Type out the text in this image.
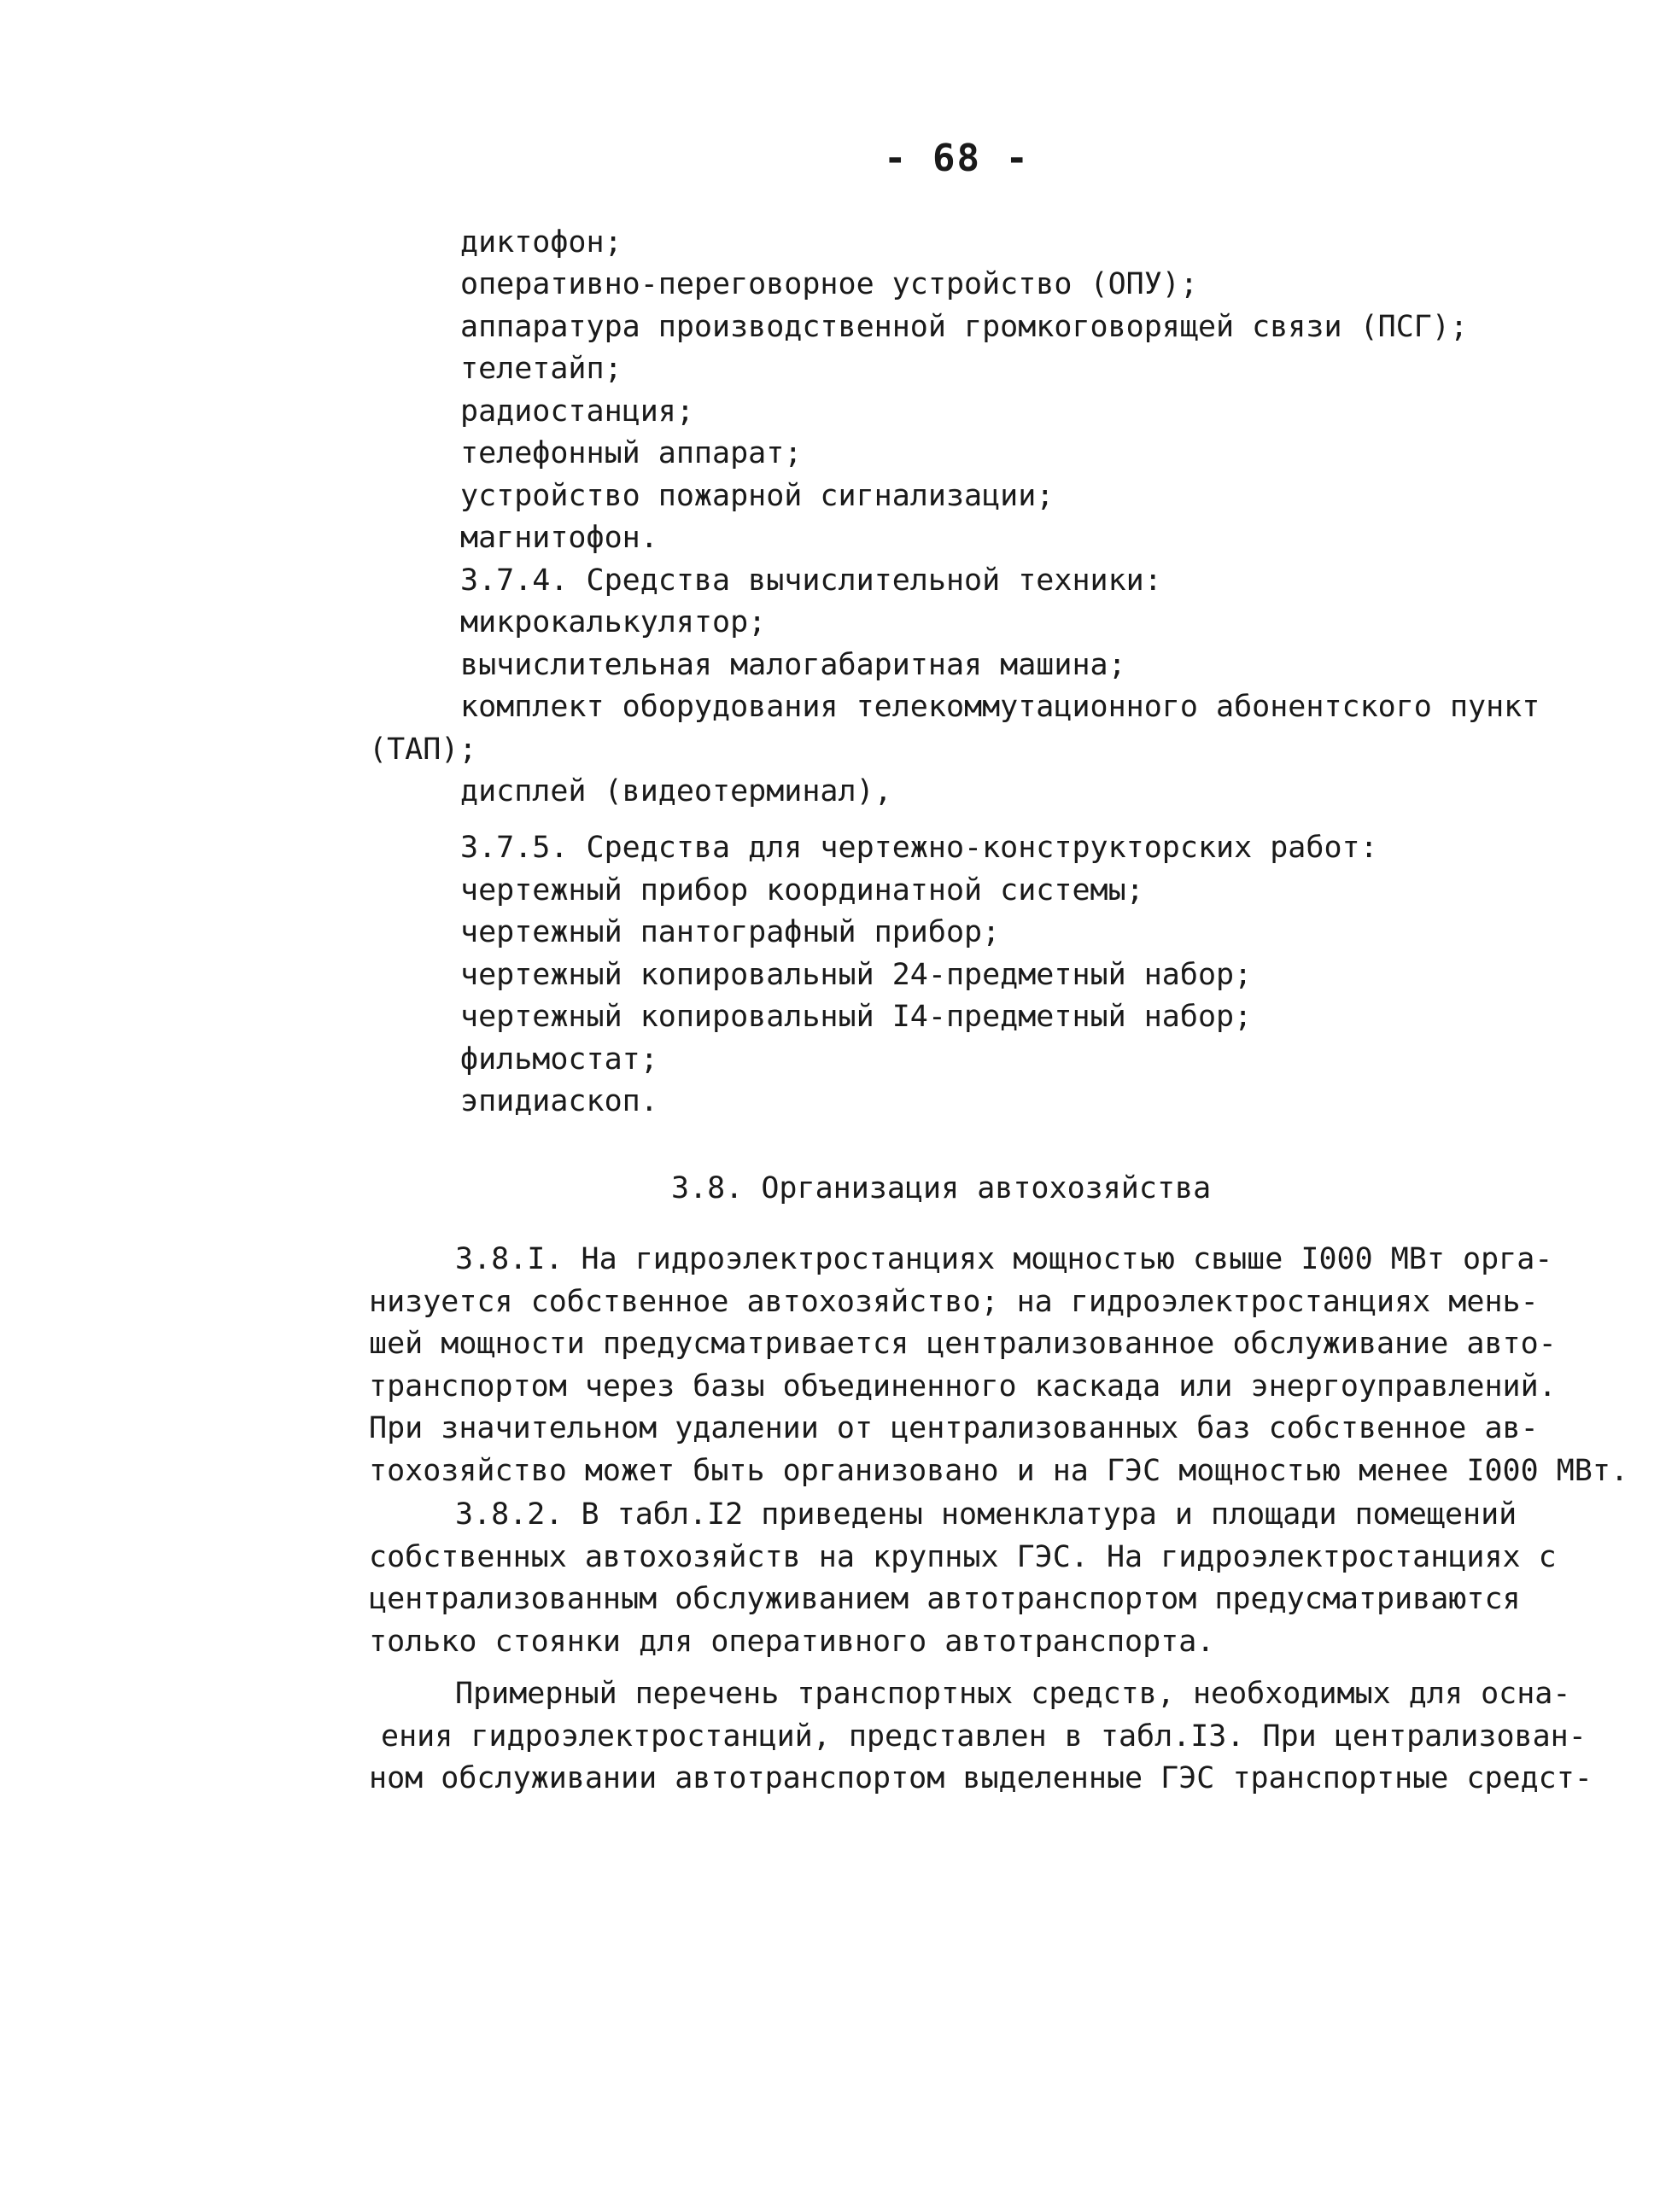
- 68 -
диктофон;
оперативно-переговорное устройство (ОПУ);
аппаратура производственной громкоговорящей связи (ПСГ);
телетайп;
радиостанция;
телефонный аппарат;
устройство пожарной сигнализации;
магнитофон.
3.7.4. Средства вычислительной техники:
микрокалькулятор;
вычислительная малогабаритная машина;
комплект оборудования телекоммутационного абонентского пункт
(ТАП);
дисплей (видеотерминал),
3.7.5. Средства для чертежно-конструкторских работ:
чертежный прибор координатной системы;
чертежный пантографный прибор;
чертежный копировальный 24-предметный набор;
чертежный копировальный I4-предметный набор;
фильмостат;
эпидиаскоп.
3.8. Организация автохозяйства
3.8.I. На гидроэлектростанциях мощностью свыше I000 МВт орга-
низуется собственное автохозяйство; на гидроэлектростанциях мень-
шей мощности предусматривается централизованное обслуживание авто-
транспортом через базы объединенного каскада или энергоуправлений.
При значительном удалении от централизованных баз собственное ав-
тохозяйство может быть организовано и на ГЭС мощностью менее I000 МВт.
3.8.2. В табл.I2 приведены номенклатура и площади помещений
собственных автохозяйств на крупных ГЭС. На гидроэлектростанциях с
централизованным обслуживанием автотранспортом предусматриваются
только стоянки для оперативного автотранспорта.
Примерный перечень транспортных средств, необходимых для осна-
ения гидроэлектростанций, представлен в табл.I3. При централизован-
ном обслуживании автотранспортом выделенные ГЭС транспортные средст-
